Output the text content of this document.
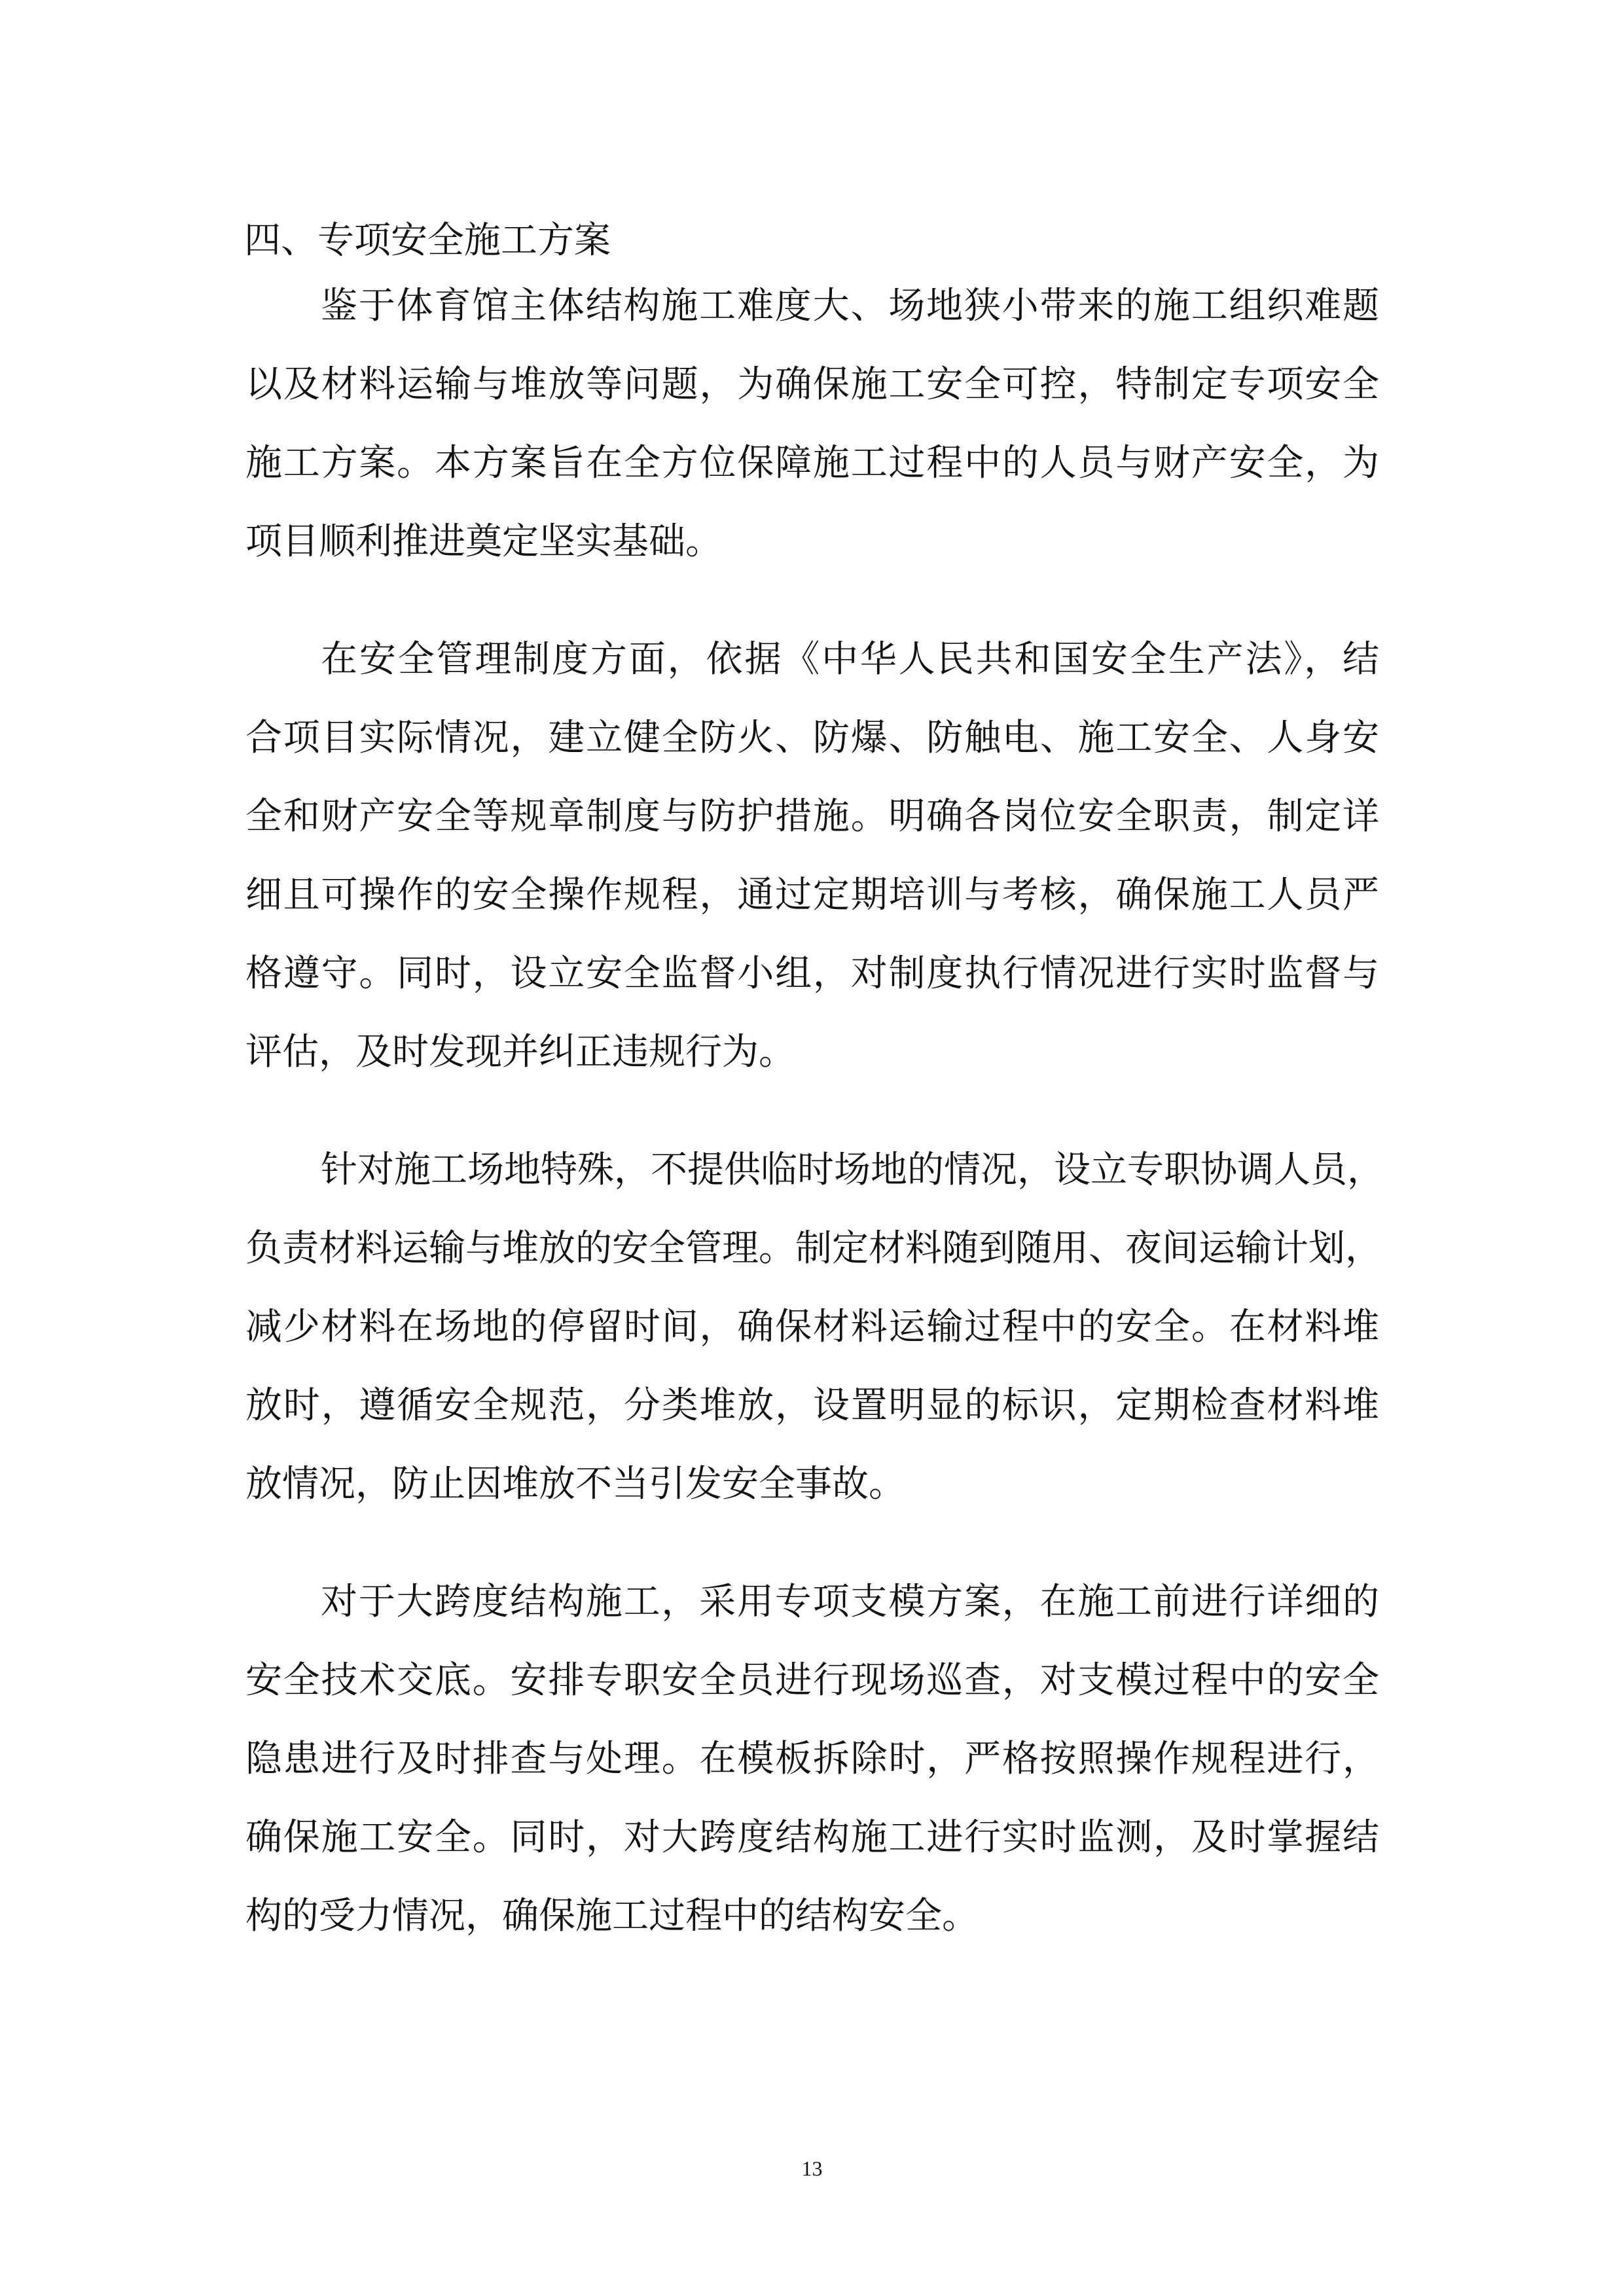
四、专项安全施工方案
鉴于体育馆主体结构施工难度大、场地狭小带来的施工组织难题
以及材料运输与堆放等问题，为确保施工安全可控，特制定专项安全
施工方案。本方案旨在全方位保障施工过程中的人员与财产安全，为
项目顺利推进奠定坚实基础。
在安全管理制度方面，依据《中华人民共和国安全生产法》，结
合项目实际情况，建立健全防火、防爆、防触电、施工安全、人身安
全和财产安全等规章制度与防护措施。明确各岗位安全职责，制定详
细且可操作的安全操作规程，通过定期培训与考核，确保施工人员严
格遵守。同时，设立安全监督小组，对制度执行情况进行实时监督与
评估，及时发现并纠正违规行为。
针对施工场地特殊，不提供临时场地的情况，设立专职协调人员，
负责材料运输与堆放的安全管理。制定材料随到随用、夜间运输计划，
减少材料在场地的停留时间，确保材料运输过程中的安全。在材料堆
放时，遵循安全规范，分类堆放，设置明显的标识，定期检查材料堆
放情况，防止因堆放不当引发安全事故。
对于大跨度结构施工，采用专项支模方案，在施工前进行详细的
安全技术交底。安排专职安全员进行现场巡查，对支模过程中的安全
隐患进行及时排查与处理。在模板拆除时，严格按照操作规程进行，
确保施工安全。同时，对大跨度结构施工进行实时监测，及时掌握结
构的受力情况，确保施工过程中的结构安全。
13
